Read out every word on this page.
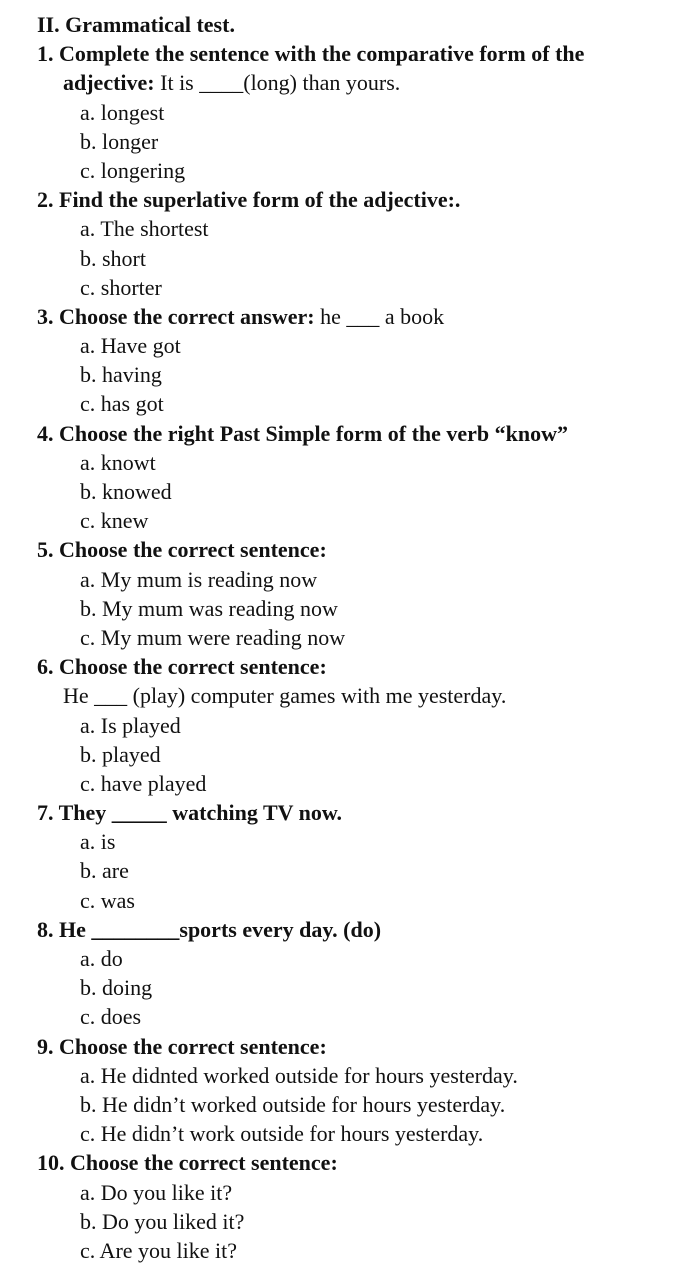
II. Grammatical test.
1. Complete the sentence with the comparative form of the
adjective: It is ____(long) than yours.
a. longest
b. longer
c. longering
2. Find the superlative form of the adjective:.
a. The shortest
b. short
c. shorter
3. Choose the correct answer: he ___ a book
a. Have got
b. having
c. has got
4. Choose the right Past Simple form of the verb “know”
a. knowt
b. knowed
c. knew
5. Choose the correct sentence:
a. My mum is reading now
b. My mum was reading now
c. My mum were reading now
6. Choose the correct sentence:
He ___ (play) computer games with me yesterday.
a. Is played
b. played
c. have played
7. They _____ watching TV now.
a. is
b. are
c. was
8. He ________sports every day. (do)
a. do
b. doing
c. does
9. Choose the correct sentence:
a. He didnted worked outside for hours yesterday.
b. He didn’t worked outside for hours yesterday.
c. He didn’t work outside for hours yesterday.
10. Choose the correct sentence:
a. Do you like it?
b. Do you liked it?
c. Are you like it?
